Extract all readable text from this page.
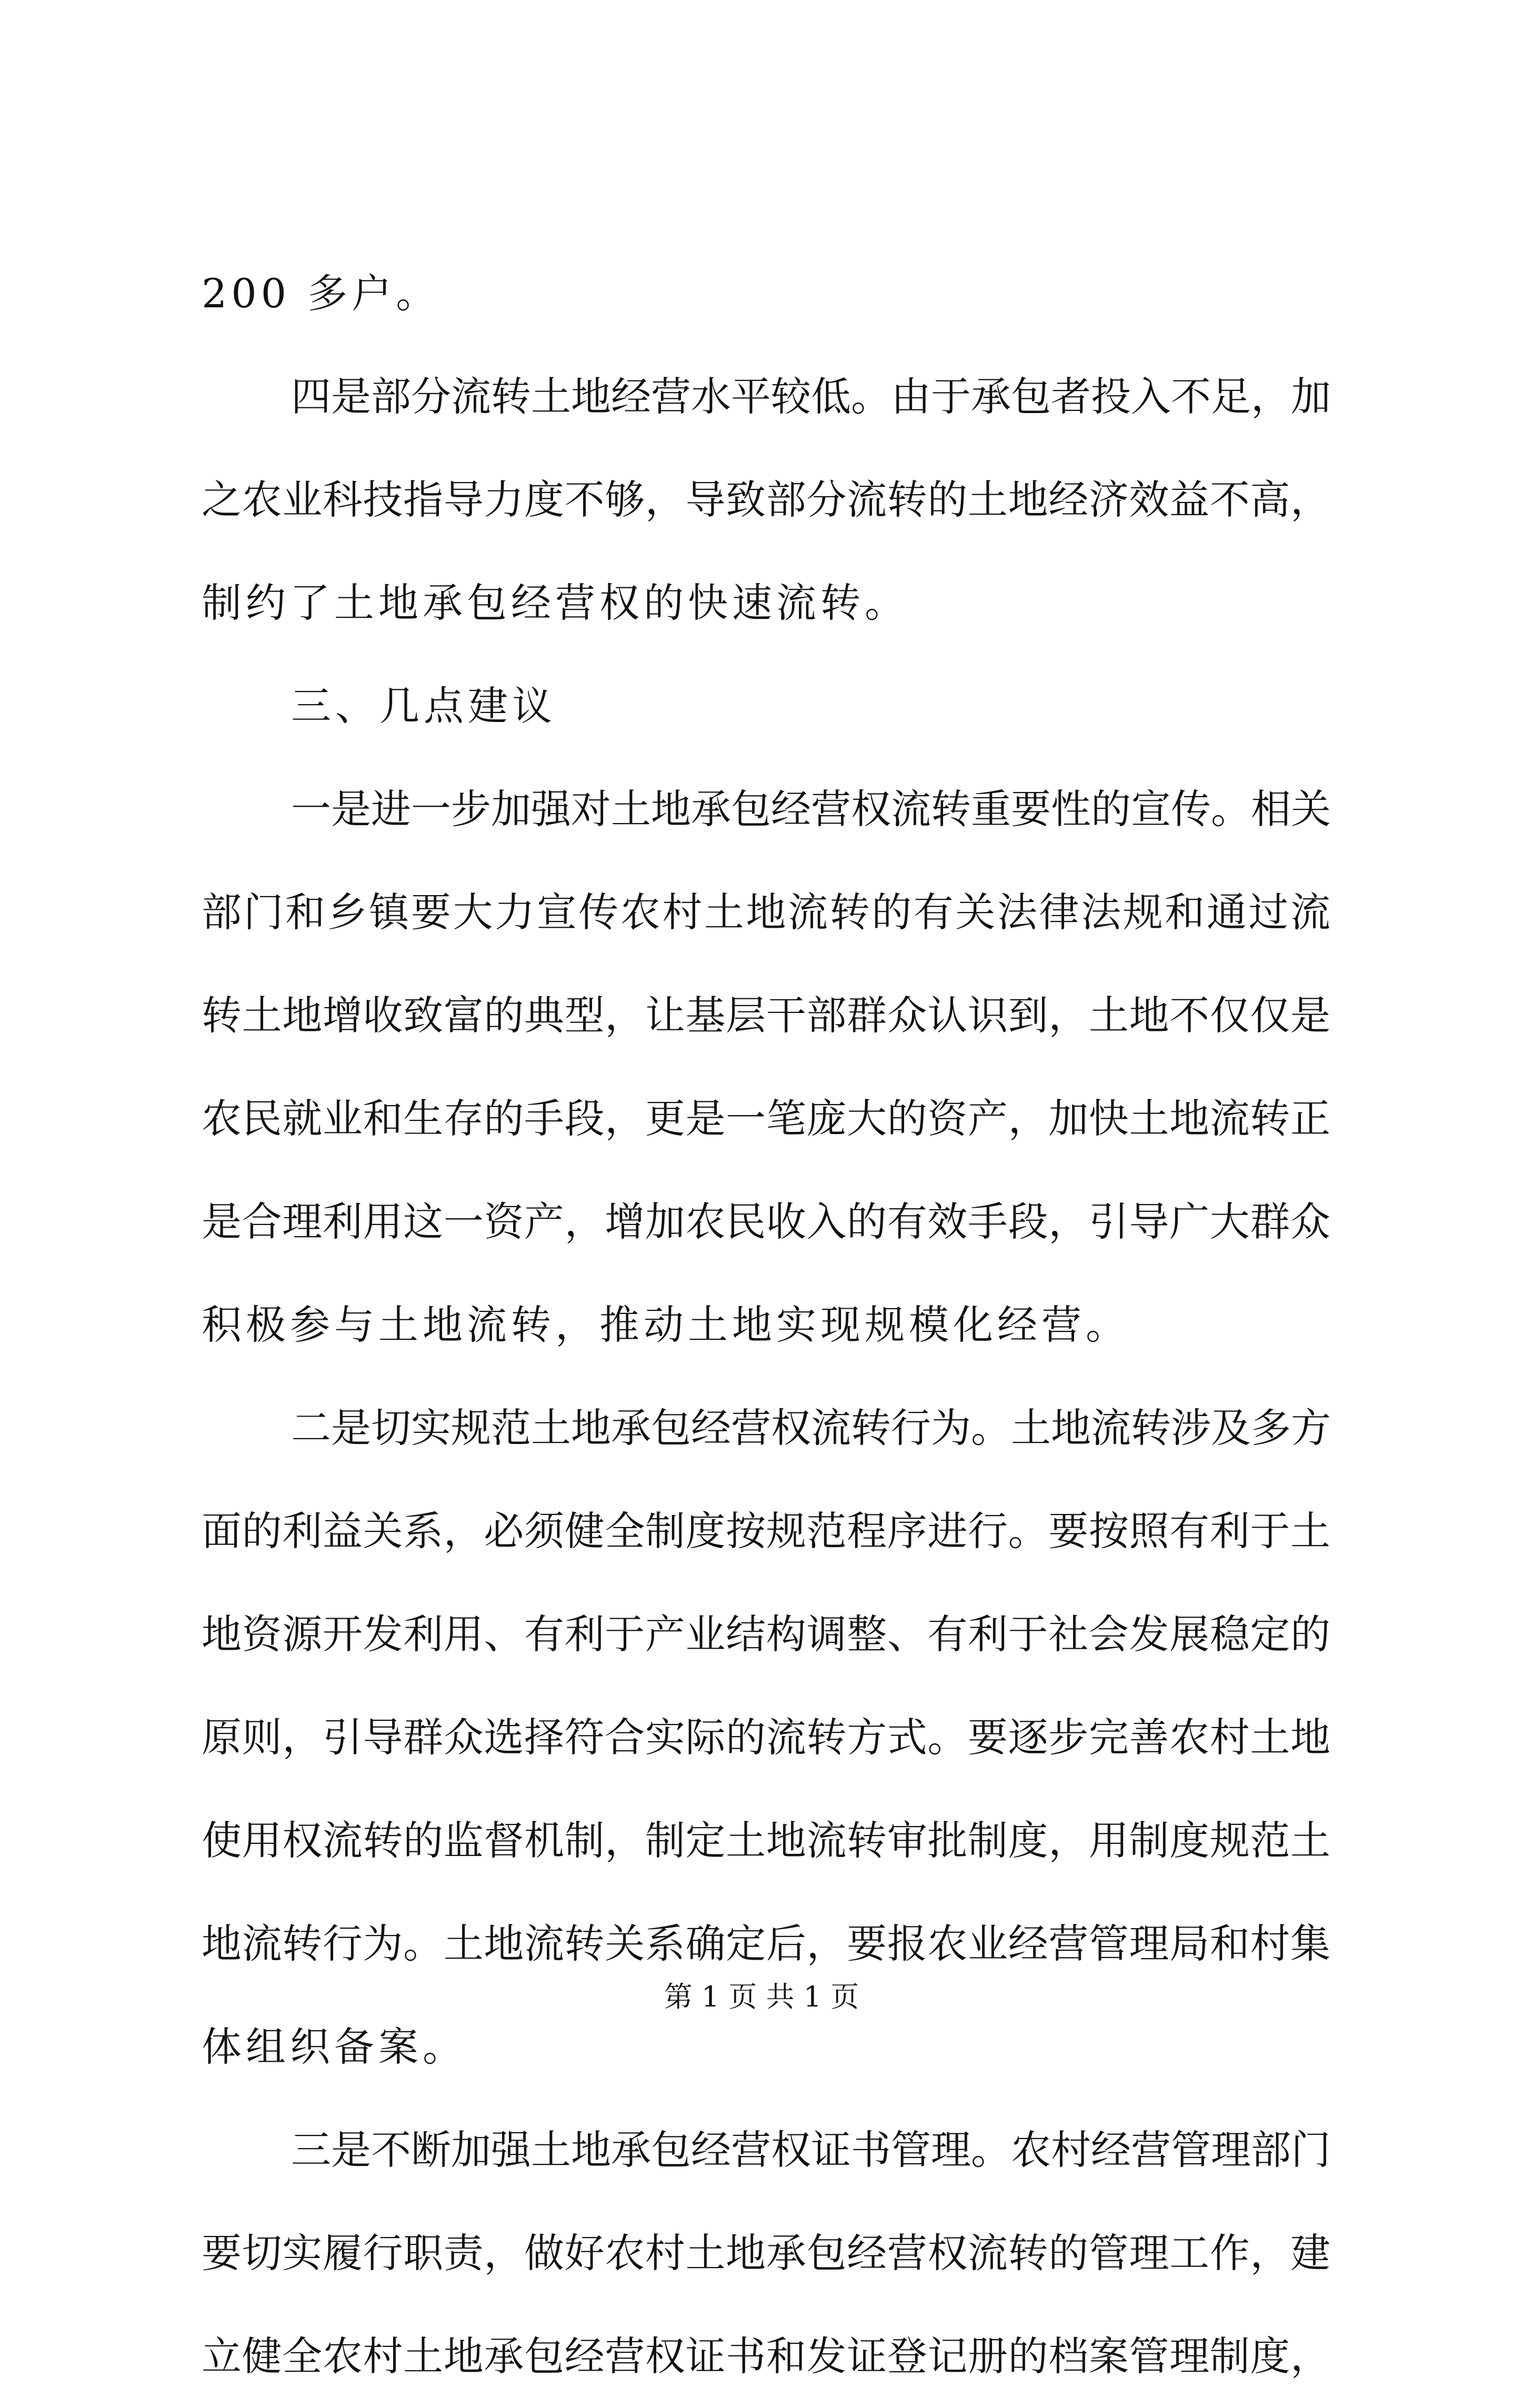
200 多户。
四是部分流转土地经营水平较低。由于承包者投入不足，加
之农业科技指导力度不够，导致部分流转的土地经济效益不高，
制约了土地承包经营权的快速流转。
三、几点建议
一是进一步加强对土地承包经营权流转重要性的宣传。相关
部门和乡镇要大力宣传农村土地流转的有关法律法规和通过流
转土地增收致富的典型，让基层干部群众认识到，土地不仅仅是
农民就业和生存的手段，更是一笔庞大的资产，加快土地流转正
是合理利用这一资产，增加农民收入的有效手段，引导广大群众
积极参与土地流转，推动土地实现规模化经营。
二是切实规范土地承包经营权流转行为。土地流转涉及多方
面的利益关系，必须健全制度按规范程序进行。要按照有利于土
地资源开发利用、有利于产业结构调整、有利于社会发展稳定的
原则，引导群众选择符合实际的流转方式。要逐步完善农村土地
使用权流转的监督机制，制定土地流转审批制度，用制度规范土
地流转行为。土地流转关系确定后，要报农业经营管理局和村集
体组织备案。
三是不断加强土地承包经营权证书管理。农村经营管理部门
要切实履行职责，做好农村土地承包经营权流转的管理工作，建
立健全农村土地承包经营权证书和发证登记册的档案管理制度，
第 1 页 共 1 页
